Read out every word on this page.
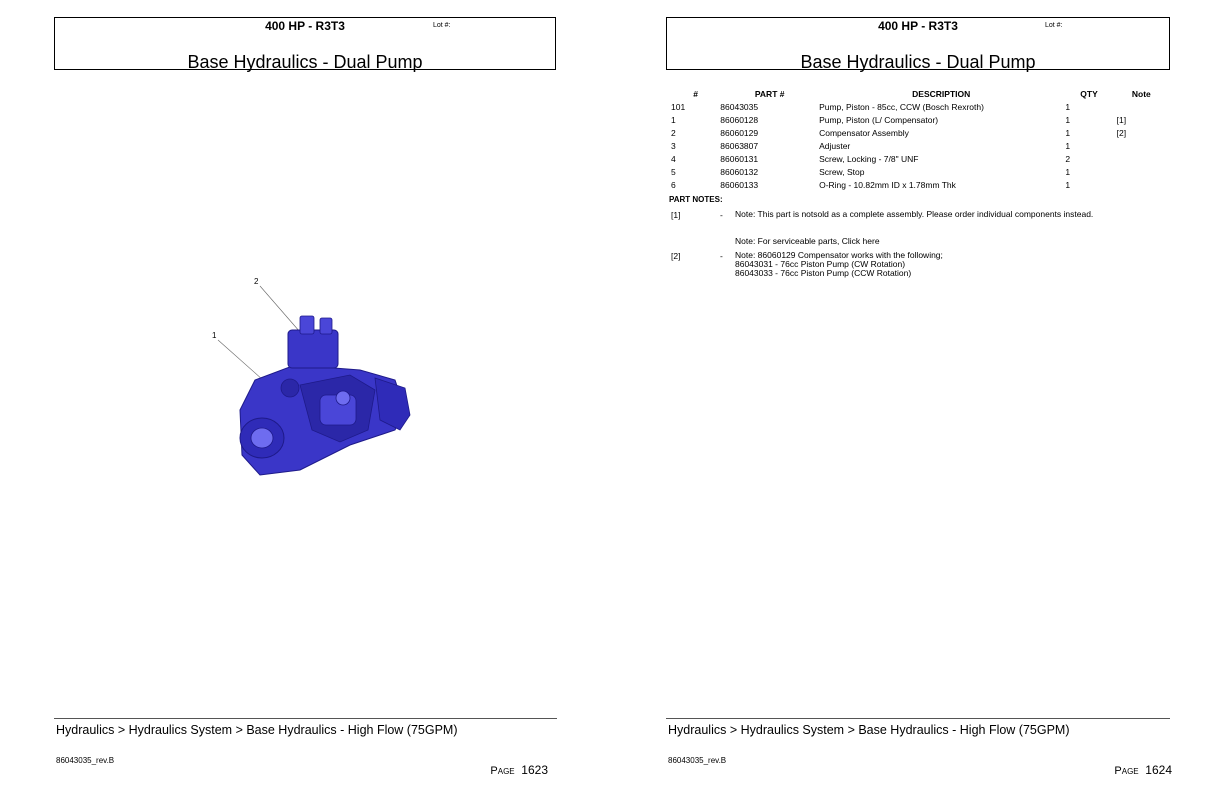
400 HP - R3T3	Lot #:
Base Hydraulics - Dual Pump
2
1
Hydraulics > Hydraulics System > Base Hydraulics - High Flow (75GPM)
86043035_rev.B
Page 1623
400 HP - R3T3	Lot #:
Base Hydraulics - Dual Pump
#	PART #	DESCRIPTION	QTY	Note
101	86043035	Pump, Piston - 85cc, CCW (Bosch Rexroth)	1	
1	86060128	Pump, Piston (L/ Compensator)	1	[1]
2	86060129	Compensator Assembly	1	[2]
3	86063807	Adjuster	1	
4	86060131	Screw, Locking - 7/8" UNF	2	
5	86060132	Screw, Stop	1	
6	86060133	O-Ring - 10.82mm ID x 1.78mm Thk	1	
PART NOTES:
[1]	- Note: This part is notsold as a complete assembly. Please order individual components instead.
Note: For serviceable parts, Click here
[2]	- Note: 86060129 Compensator works with the following;
86043031 - 76cc Piston Pump (CW Rotation)
86043033 - 76cc Piston Pump (CCW Rotation)
Hydraulics > Hydraulics System > Base Hydraulics - High Flow (75GPM)
86043035_rev.B
Page 1624
